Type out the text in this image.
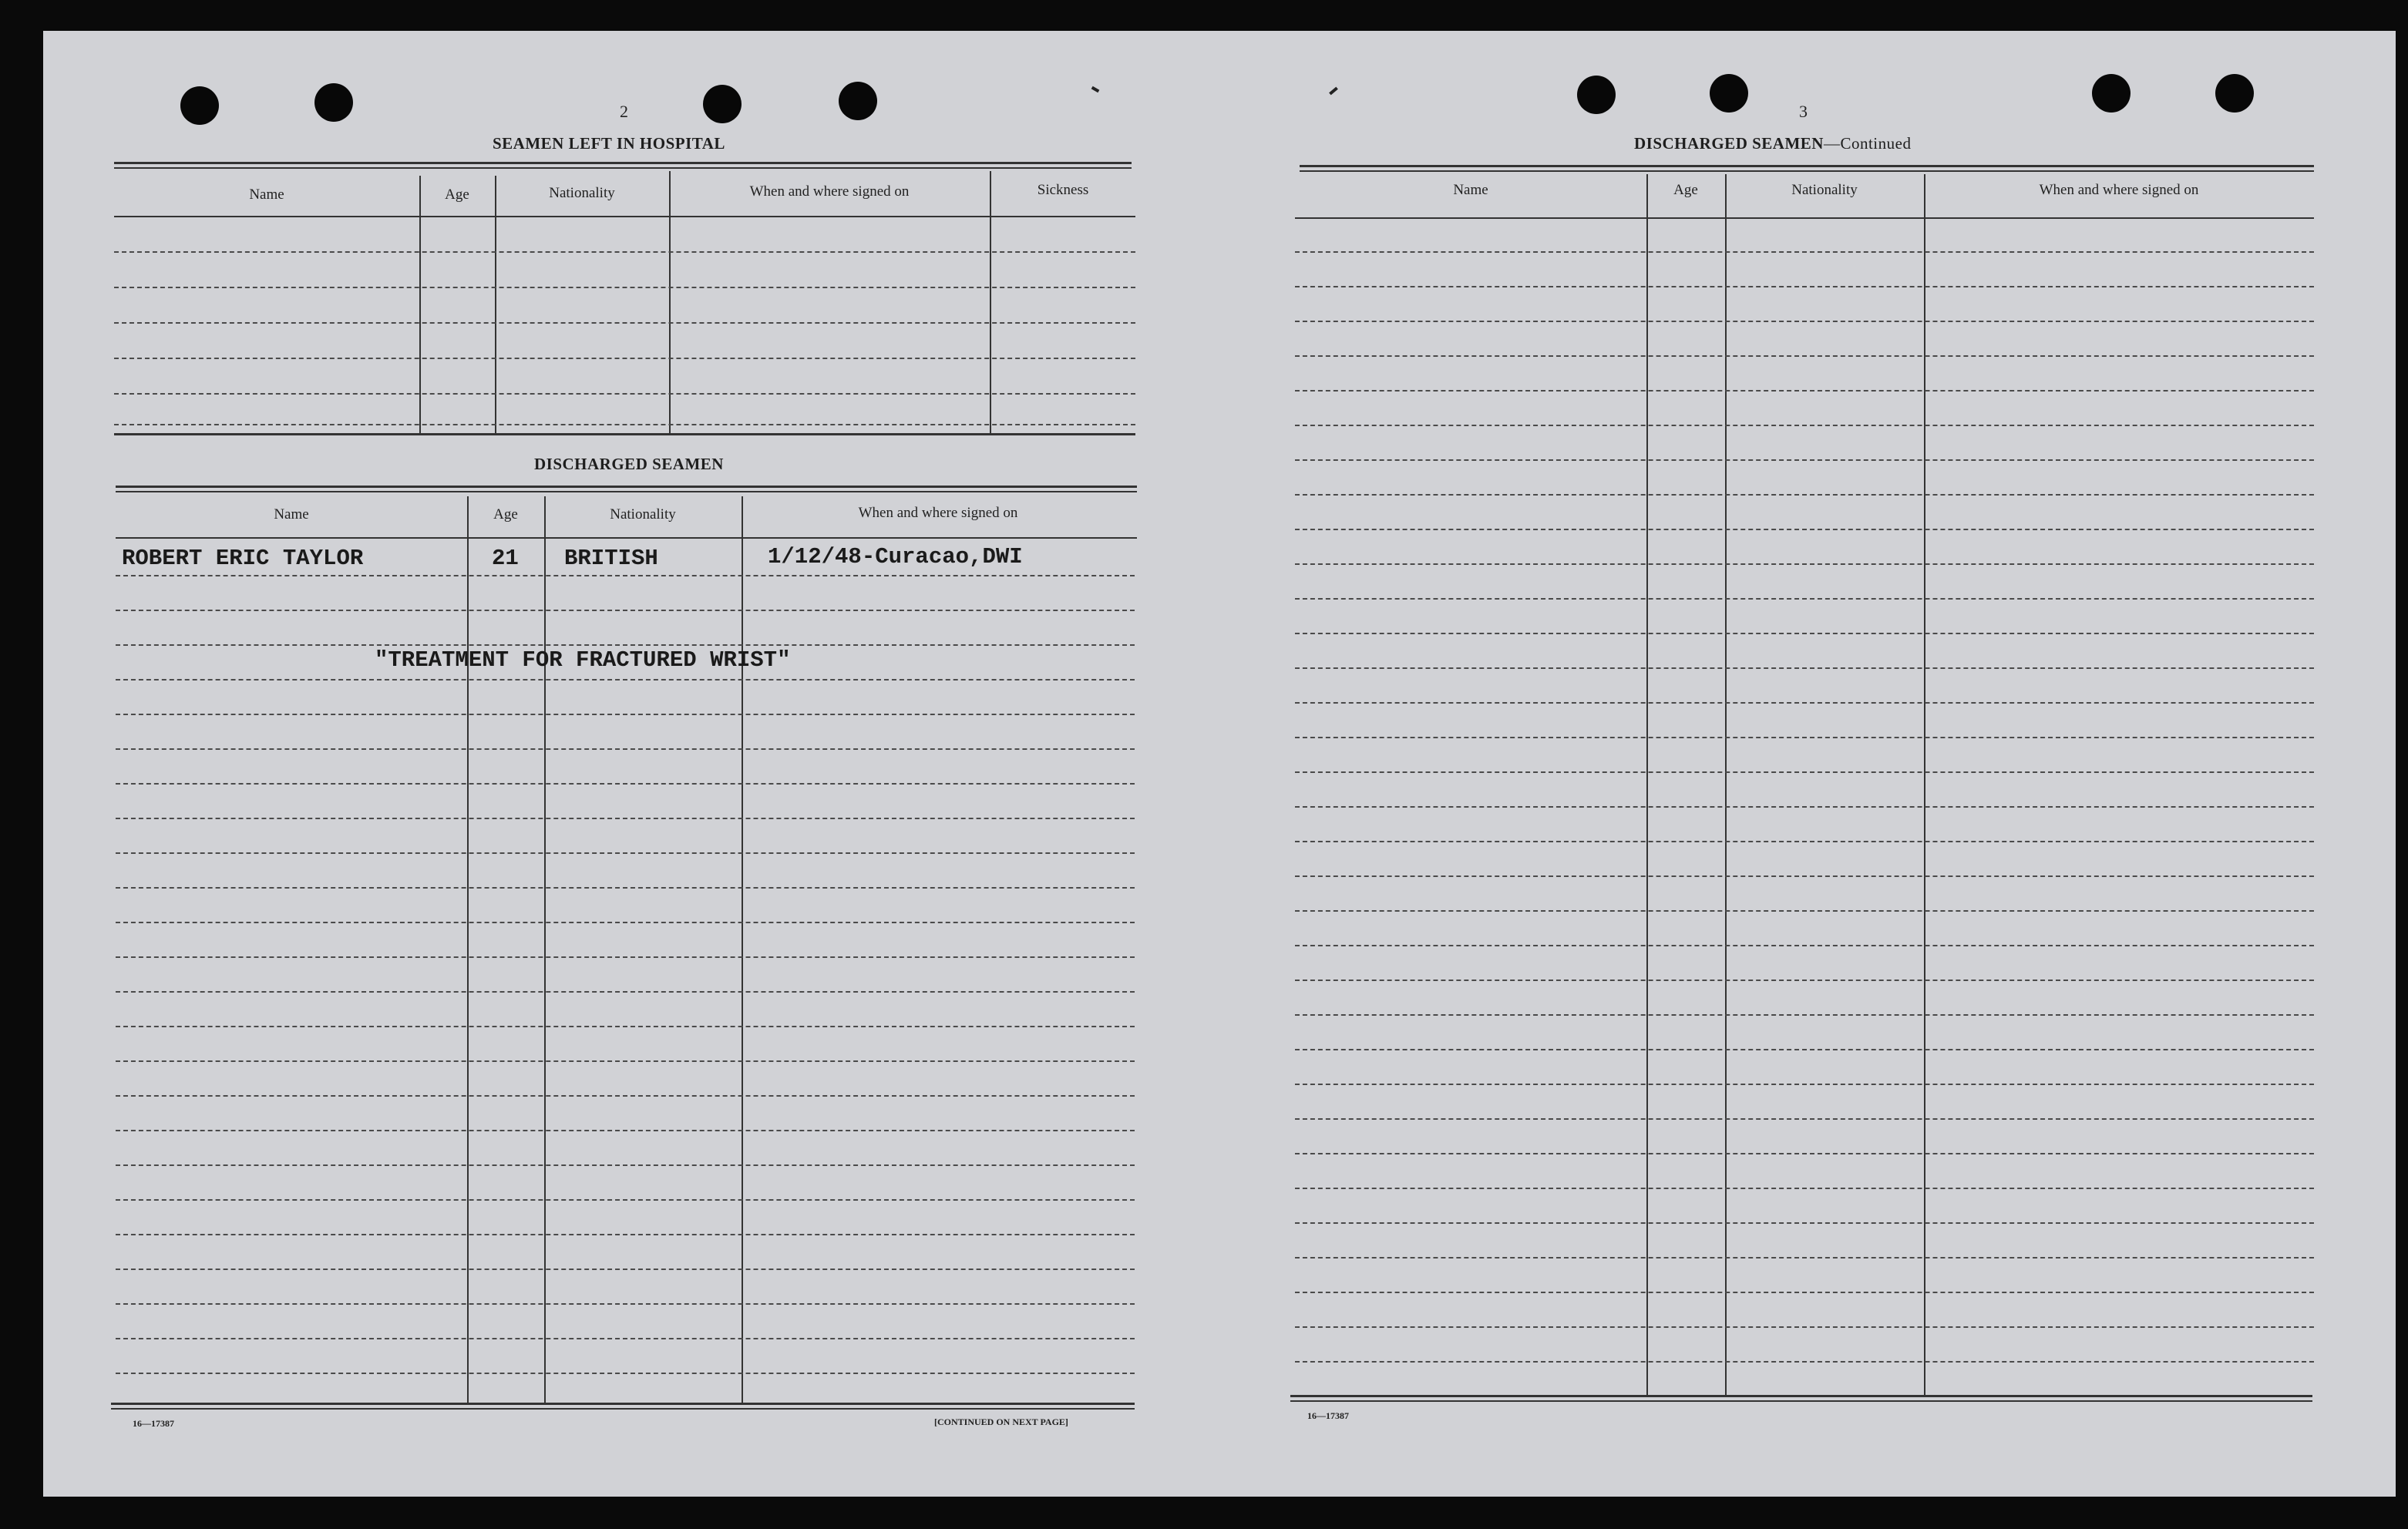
2
SEAMEN LEFT IN HOSPITAL
Name	Age	Nationality	When and where signed on	Sickness
DISCHARGED SEAMEN
Name	Age	Nationality	When and where signed on
ROBERT ERIC TAYLOR	21 BRITISH	1/12/48-Curacao,DWI
"TREATMENT FOR FRACTURED WRIST"
16—17387	[CONTINUED ON NEXT PAGE]
3
DISCHARGED SEAMEN—Continued
Name	Age	Nationality	When and where signed on
16—17387
